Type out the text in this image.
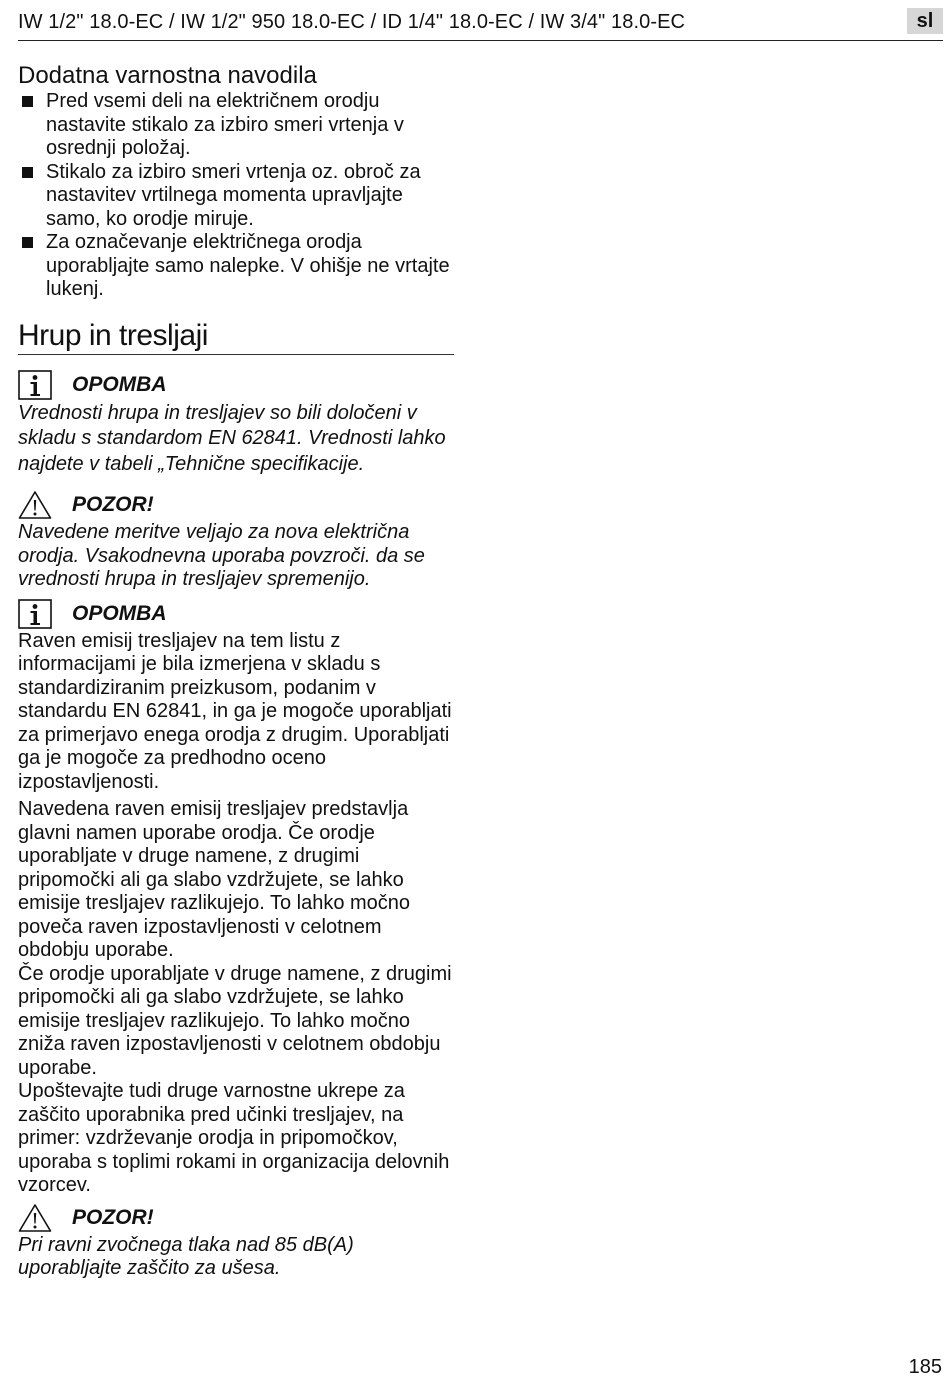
IW 1/2" 18.0-EC / IW 1/2" 950 18.0-EC / ID 1/4" 18.0-EC / IW 3/4" 18.0-EC	sl
Dodatna varnostna navodila
Pred vsemi deli na električnem orodju nastavite stikalo za izbiro smeri vrtenja v osrednji položaj.
Stikalo za izbiro smeri vrtenja oz. obroč za nastavitev vrtilnega momenta upravljajte samo, ko orodje miruje.
Za označevanje električnega orodja uporabljajte samo nalepke. V ohišje ne vrtajte lukenj.
Hrup in tresljaji
OPOMBA

Vrednosti hrupa in tresljajev so bili določeni v skladu s standardom EN 62841. Vrednosti lahko najdete v tabeli „Tehnične specifikacije.

POZOR!

Navedene meritve veljajo za nova električna orodja. Vsakodnevna uporaba povzroči. da se vrednosti hrupa in tresljajev spremenijo.

OPOMBA

Raven emisij tresljajev na tem listu z informacijami je bila izmerjena v skladu s standardiziranim preizkusom, podanim v standardu EN 62841, in ga je mogoče uporabljati za primerjavo enega orodja z drugim. Uporabljati ga je mogoče za predhodno oceno izpostavljenosti.

Navedena raven emisij tresljajev predstavlja glavni namen uporabe orodja. Če orodje uporabljate v druge namene, z drugimi pripomočki ali ga slabo vzdržujete, se lahko emisije tresljajev razlikujejo. To lahko močno poveča raven izpostavljenosti v celotnem obdobju uporabe.

Če orodje uporabljate v druge namene, z drugimi pripomočki ali ga slabo vzdržujete, se lahko emisije tresljajev razlikujejo. To lahko močno zniža raven izpostavljenosti v celotnem obdobju uporabe.

Upoštevajte tudi druge varnostne ukrepe za zaščito uporabnika pred učinki tresljajev, na primer: vzdrževanje orodja in pripomočkov, uporaba s toplimi rokami in organizacija delovnih vzorcev.

POZOR!

Pri ravni zvočnega tlaka nad 85 dB(A) uporabljajte zaščito za ušesa.

185
